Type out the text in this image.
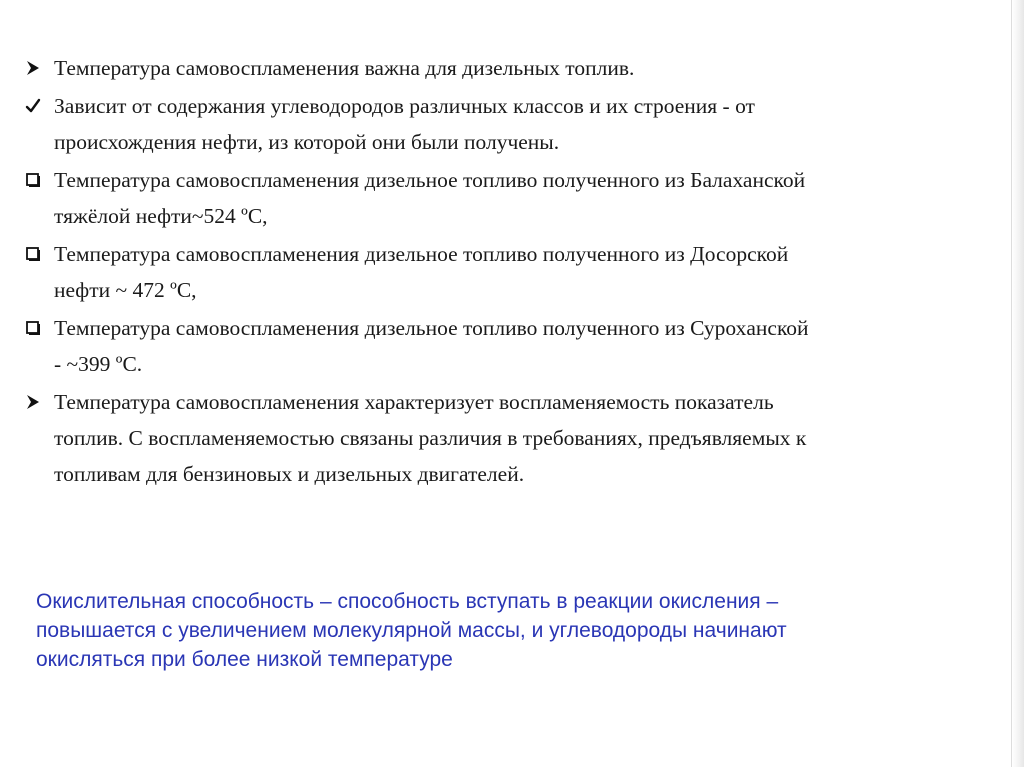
Температура самовоспламенения важна для дизельных топлив.
Зависит от содержания углеводородов различных классов и их строения - от
происхождения нефти, из которой они были получены.
Температура самовоспламенения дизельное топливо полученного из Балаханской
тяжёлой нефти~524 ºС,
Температура самовоспламенения дизельное топливо полученного из Досорской
нефти ~ 472 ºС,
Температура самовоспламенения дизельное топливо полученного из Сурохaнской
- ~399 ºС.
Температура самовоспламенения характеризует воспламеняемость показатель
топлив. С воспламеняемостью связаны различия в требованиях, предъявляемых к
топливам для бензиновых и дизельных двигателей.
Окислительная способность – способность вступать в реакции окисления –
повышается с увеличением молекулярной массы, и углеводороды начинают
окисляться при более низкой температуре
